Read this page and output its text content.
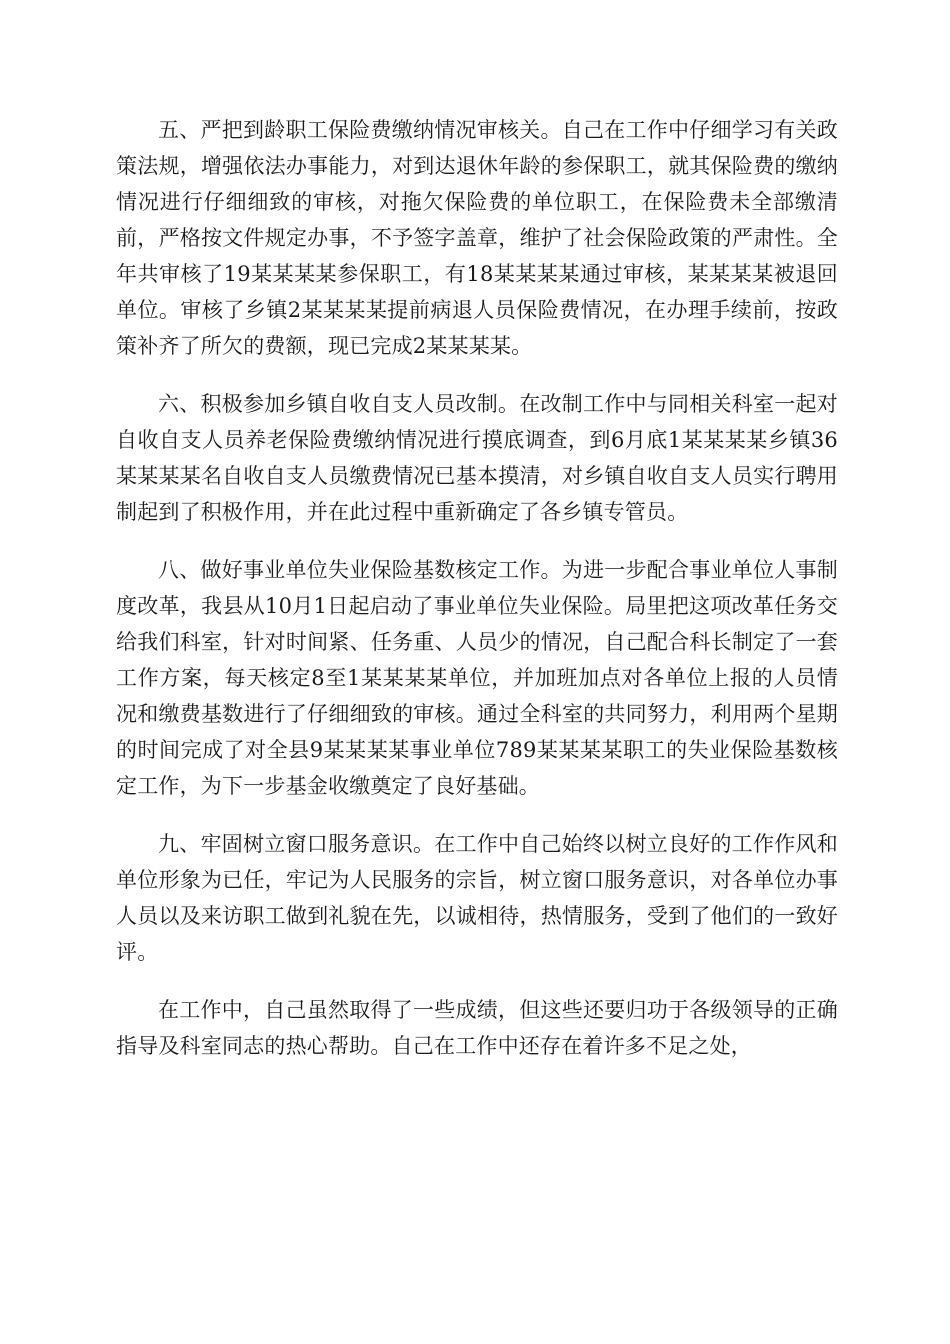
五、严把到龄职工保险费缴纳情况审核关。自己在工作中仔细学习有关政策法规，增强依法办事能力，对到达退休年龄的参保职工，就其保险费的缴纳情况进行仔细细致的审核，对拖欠保险费的单位职工，在保险费未全部缴清前，严格按文件规定办事，不予签字盖章，维护了社会保险政策的严肃性。全年共审核了19某某某某参保职工，有18某某某某通过审核，某某某某被退回单位。审核了乡镇2某某某某提前病退人员保险费情况，在办理手续前，按政策补齐了所欠的费额，现已完成2某某某某。

六、积极参加乡镇自收自支人员改制。在改制工作中与同相关科室一起对自收自支人员养老保险费缴纳情况进行摸底调查，到6月底1某某某某乡镇36某某某某名自收自支人员缴费情况已基本摸清，对乡镇自收自支人员实行聘用制起到了积极作用，并在此过程中重新确定了各乡镇专管员。

八、做好事业单位失业保险基数核定工作。为进一步配合事业单位人事制度改革，我县从10月1日起启动了事业单位失业保险。局里把这项改革任务交给我们科室，针对时间紧、任务重、人员少的情况，自己配合科长制定了一套工作方案，每天核定8至1某某某某单位，并加班加点对各单位上报的人员情况和缴费基数进行了仔细细致的审核。通过全科室的共同努力，利用两个星期的时间完成了对全县9某某某某事业单位789某某某某职工的失业保险基数核定工作，为下一步基金收缴奠定了良好基础。

九、牢固树立窗口服务意识。在工作中自己始终以树立良好的工作作风和单位形象为已任，牢记为人民服务的宗旨，树立窗口服务意识，对各单位办事人员以及来访职工做到礼貌在先，以诚相待，热情服务，受到了他们的一致好评。

在工作中，自己虽然取得了一些成绩，但这些还要归功于各级领导的正确指导及科室同志的热心帮助。自己在工作中还存在着许多不足之处，
